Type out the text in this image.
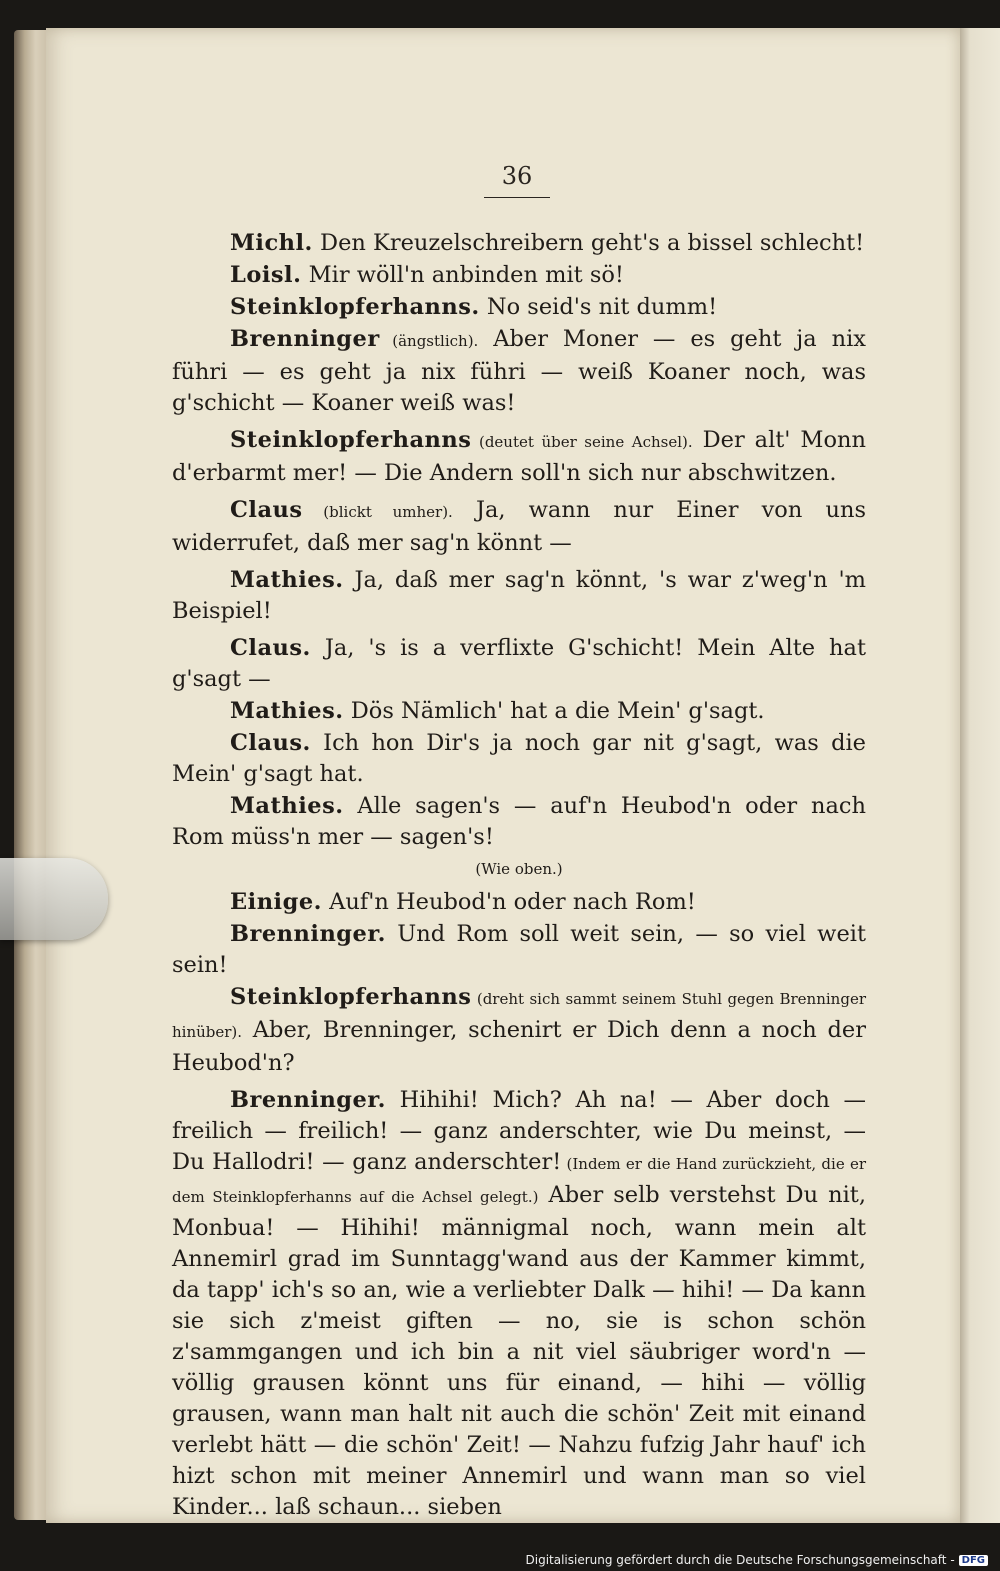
36

Michl. Den Kreuzelschreibern geht's a bissel schlecht!

Loisl. Mir wöll'n anbinden mit sö!

Steinklopferhanns. No seid's nit dumm!

Brenninger (ängstlich). Aber Moner — es geht ja nix führi — es geht ja nix führi — weiß Koaner noch, was g'schicht — Koaner weiß was!

Steinklopferhanns (deutet über seine Achsel). Der alt' Monn d'erbarmt mer! — Die Andern soll'n sich nur abschwitzen.

Claus (blickt umher). Ja, wann nur Einer von uns widerrufet, daß mer sag'n könnt —

Mathies. Ja, daß mer sag'n könnt, 's war z'weg'n 'm Beispiel!

Claus. Ja, 's is a verflixte G'schicht! Mein Alte hat g'sagt —

Mathies. Dös Nämlich' hat a die Mein' g'sagt.

Claus. Ich hon Dir's ja noch gar nit g'sagt, was die Mein' g'sagt hat.

Mathies. Alle sagen's — auf'n Heubod'n oder nach Rom müss'n mer — sagen's!

(Wie oben.)

Einige. Auf'n Heubod'n oder nach Rom!

Brenninger. Und Rom soll weit sein, — so viel weit sein!

Steinklopferhanns (dreht sich sammt seinem Stuhl gegen Brenninger hinüber). Aber, Brenninger, schenirt er Dich denn a noch der Heubod'n?

Brenninger. Hihihi! Mich? Ah na! — Aber doch — freilich — freilich! — ganz anderschter, wie Du meinst, — Du Hallodri! — ganz anderschter! (Indem er die Hand zurückzieht, die er dem Steinklopferhanns auf die Achsel gelegt.) Aber selb verstehst Du nit, Monbua! — Hihihi! männigmal noch, wann mein alt Annemirl grad im Sunntagg'wand aus der Kammer kimmt, da tapp' ich's so an, wie a verliebter Dalk — hihi! — Da kann sie sich z'meist giften — no, sie is schon schön z'sammgangen und ich bin a nit viel säubriger word'n — völlig grausen könnt uns für einand, — hihi — völlig grausen, wann man halt nit auch die schön' Zeit mit einand verlebt hätt — die schön' Zeit! — Nahzu fufzig Jahr hauf' ich hizt schon mit meiner Annemirl und wann man so viel Kinder... laß schaun... sieben

Digitalisierung gefördert durch die Deutsche Forschungsgemeinschaft - DFG
